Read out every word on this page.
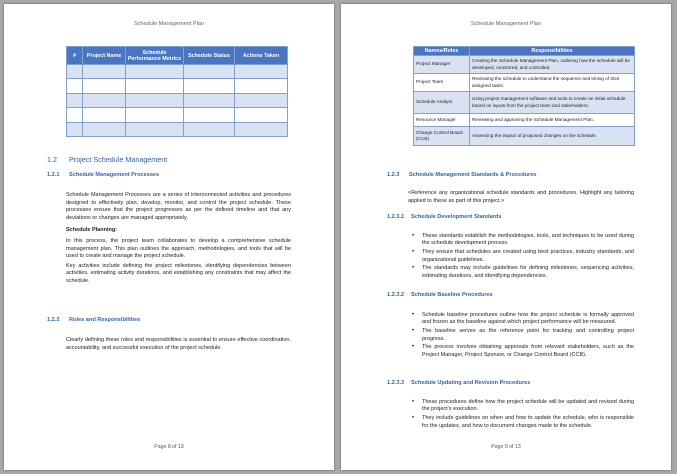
Schedule Management Plan
#	Project Name	Schedule Performance Metrics	Schedule Status	Actions Taken

1.2 Project Schedule Management
1.2.1 Schedule Management Processes

Schedule Management Processes are a series of interconnected activities and procedures designed to effectively plan, develop, monitor, and control the project schedule. These processes ensure that the project progresses as per the defined timeline and that any deviations or changes are managed appropriately.

Schedule Planning:

In this process, the project team collaborates to develop a comprehensive schedule management plan. This plan outlines the approach, methodologies, and tools that will be used to create and manage the project schedule.

Key activities include defining the project milestones, identifying dependencies between activities, estimating activity durations, and establishing any constraints that may affect the schedule.

1.2.2 Roles and Responsibilities

Clearly defining these roles and responsibilities is essential to ensure effective coordination, accountability, and successful execution of the project schedule.

Page 8 of 13
Schedule Management Plan
Names/Roles	Responsibilities
Project Manager	Creating the Schedule Management Plan, outlining how the schedule will be developed, monitored, and controlled.
Project Team	Reviewing the schedule to understand the sequence and timing of their assigned tasks.
Schedule Analyst	Using project management software and tools to create an initial schedule based on inputs from the project team and stakeholders.
Resource Manager	Reviewing and approving the Schedule Management Plan.
Change Control Board (CCB)	Assessing the impact of proposed changes on the schedule.
1.2.3 Schedule Management Standards & Procedures

<Reference any organizational schedule standards and procedures. Highlight any tailoring applied to these as part of this project.>

1.2.3.1 Schedule Development Standards
• These standards establish the methodologies, tools, and techniques to be used during the schedule development process.
• They ensure that schedules are created using best practices, industry standards, and organizational guidelines.
• The standards may include guidelines for defining milestones, sequencing activities, estimating durations, and identifying dependencies.
1.2.3.2 Schedule Baseline Procedures
• Schedule baseline procedures outline how the project schedule is formally approved and frozen as the baseline against which project performance will be measured.
• The baseline serves as the reference point for tracking and controlling project progress.
• The process involves obtaining approvals from relevant stakeholders, such as the Project Manager, Project Sponsor, or Change Control Board (CCB).
1.2.3.3 Schedule Updating and Revision Procedures
• These procedures define how the project schedule will be updated and revised during the project's execution.
• They include guidelines on when and how to update the schedule, who is responsible for the updates, and how to document changes made to the schedule.
Page 9 of 13
